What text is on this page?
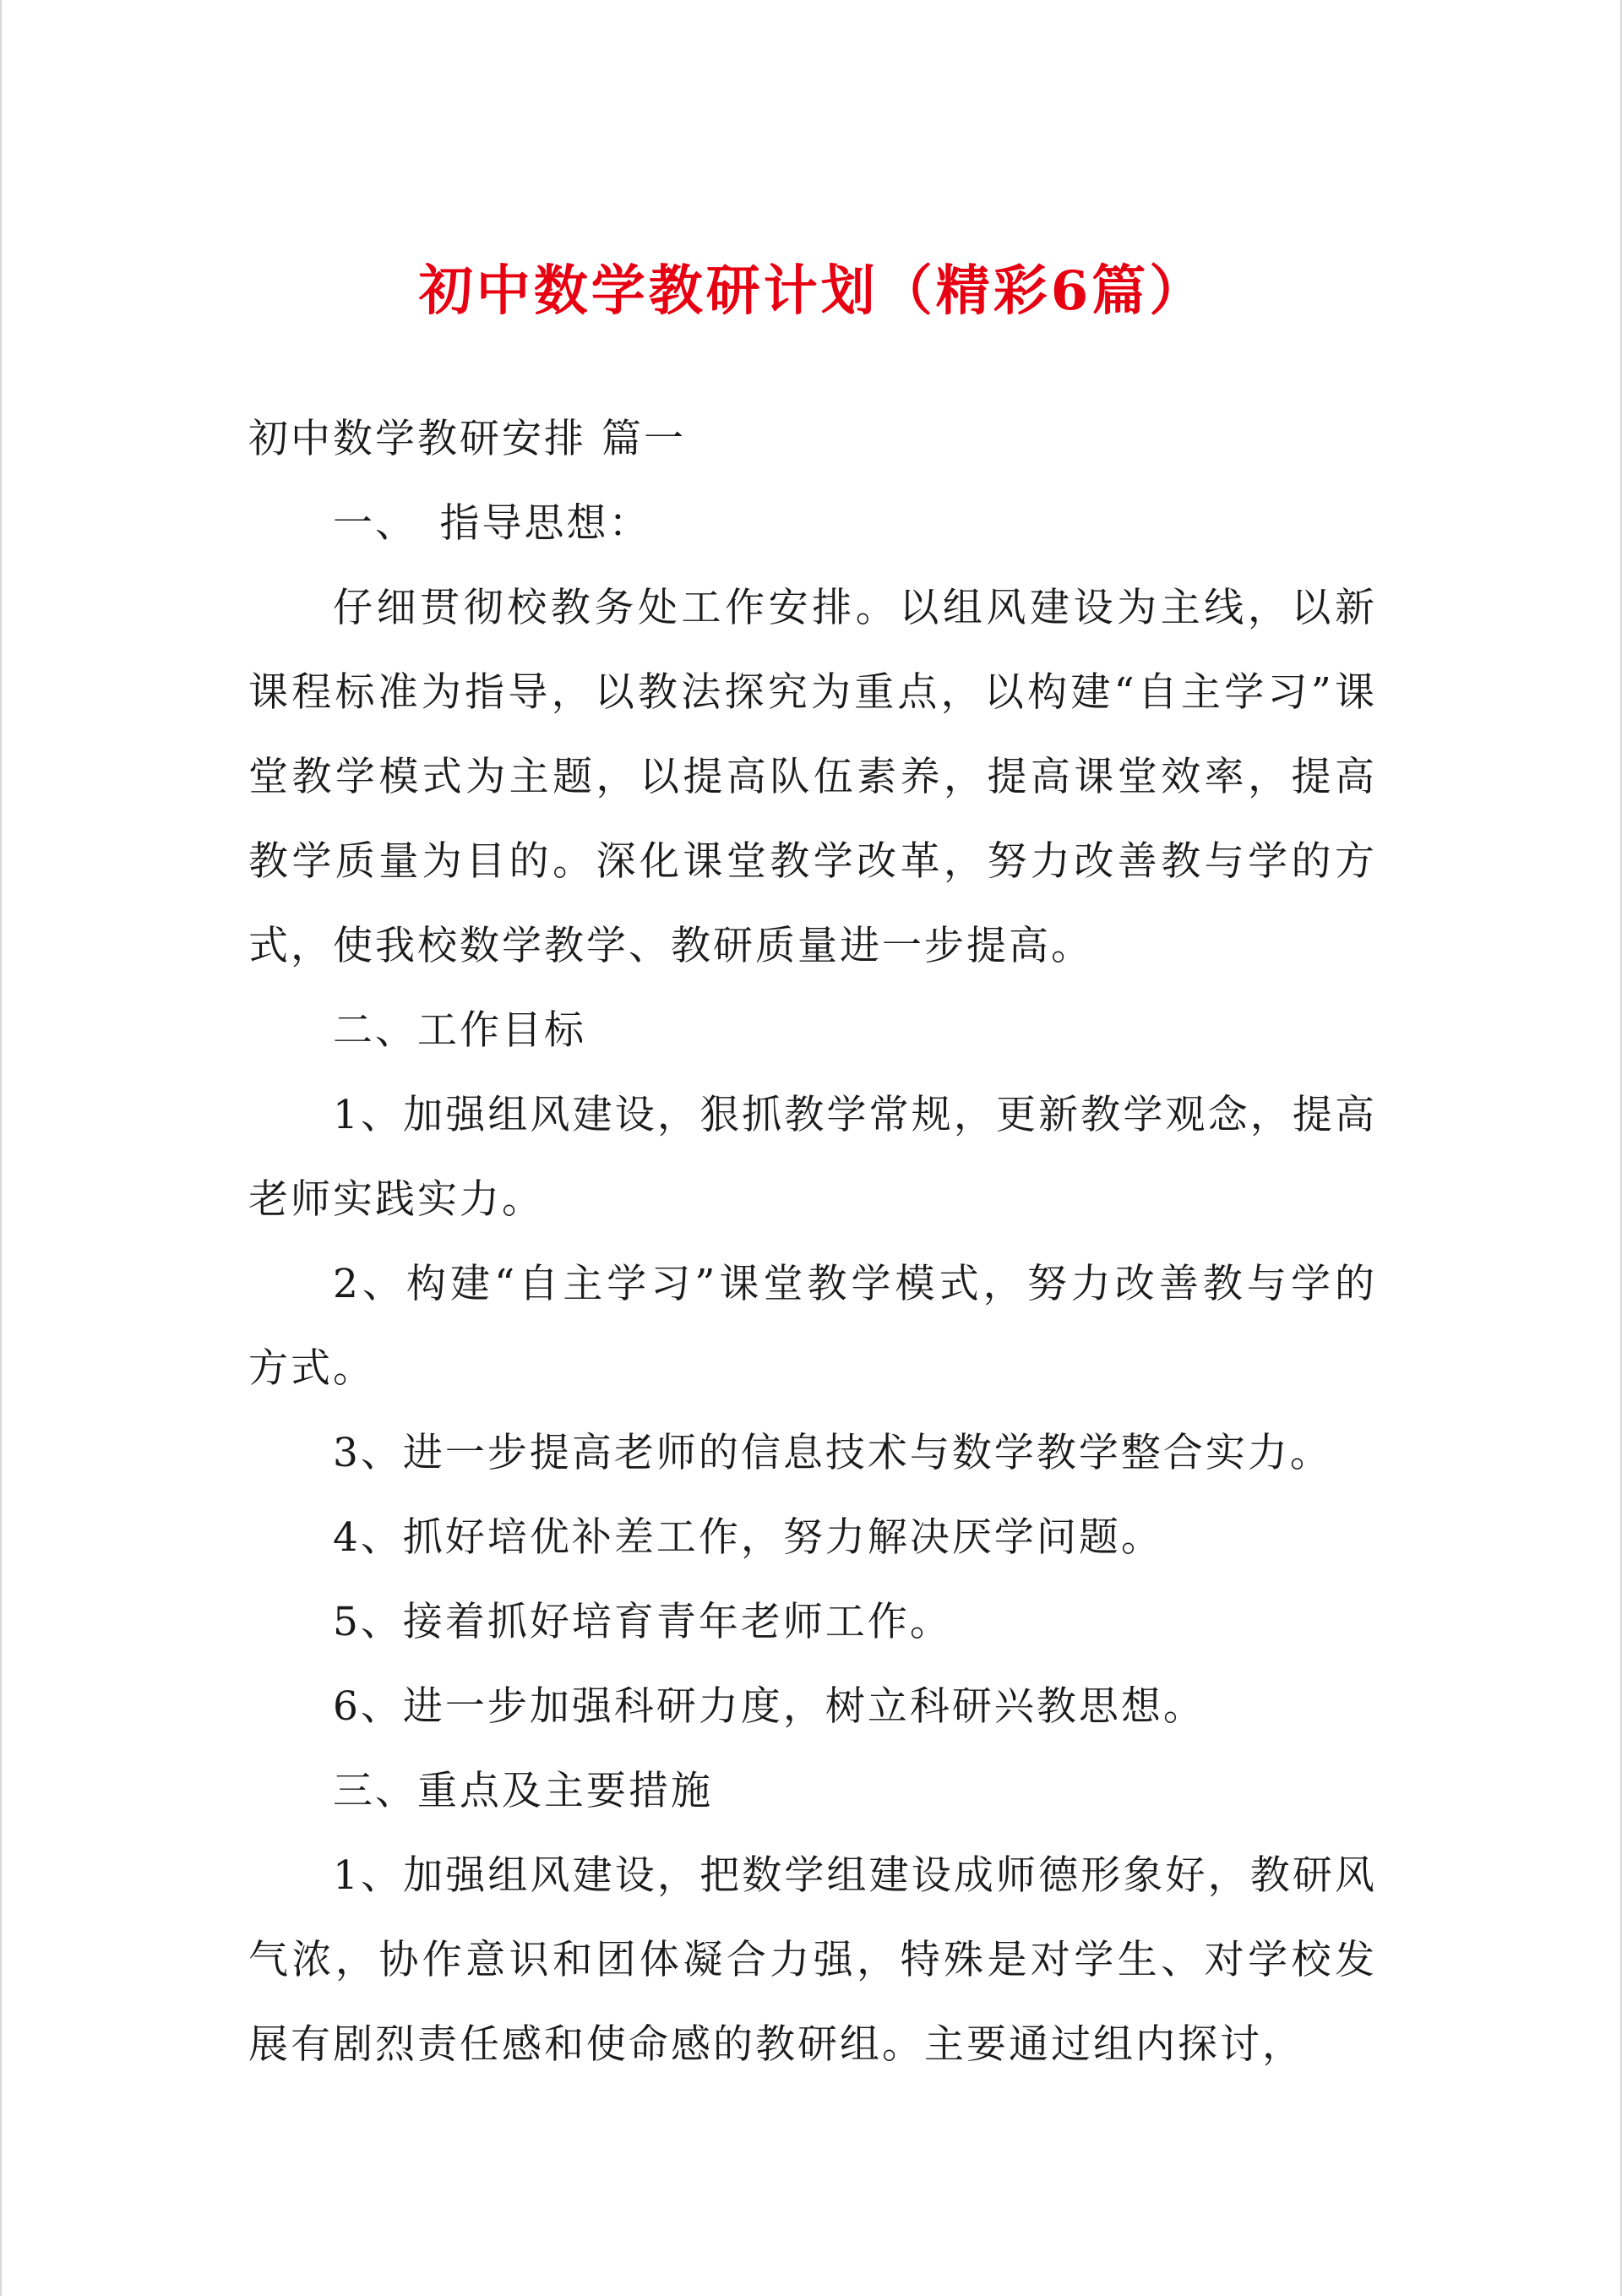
初中数学教研计划（精彩6篇）

初中数学教研安排 篇一

一、　指导思想：

仔细贯彻校教务处工作安排。以组风建设为主线，以新课程标准为指导，以教法探究为重点，以构建“自主学习”课堂教学模式为主题，以提高队伍素养，提高课堂效率，提高教学质量为目的。深化课堂教学改革，努力改善教与学的方式，使我校数学教学、教研质量进一步提高。

二、工作目标

1、加强组风建设，狠抓教学常规，更新教学观念，提高老师实践实力。

2、构建“自主学习”课堂教学模式，努力改善教与学的方式。

3、进一步提高老师的信息技术与数学教学整合实力。

4、抓好培优补差工作，努力解决厌学问题。

5、接着抓好培育青年老师工作。

6、进一步加强科研力度，树立科研兴教思想。

三、重点及主要措施

1、加强组风建设，把数学组建设成师德形象好，教研风气浓，协作意识和团体凝合力强，特殊是对学生、对学校发展有剧烈责任感和使命感的教研组。主要通过组内探讨，
